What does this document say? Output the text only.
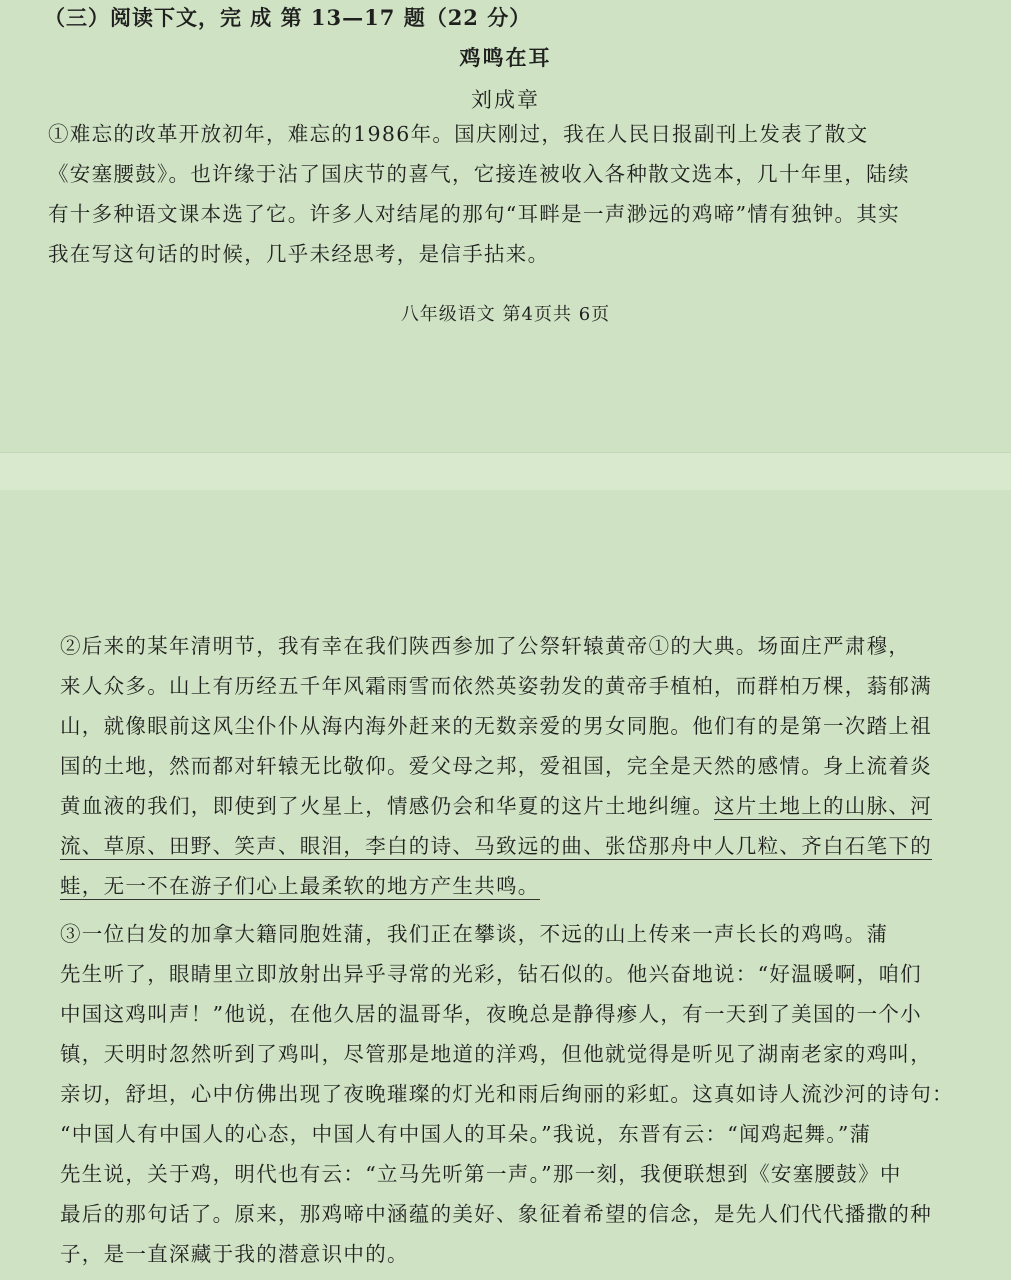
（三）阅读下文，完 成 第 13—17 题（22 分）
鸡鸣在耳
刘成章
①难忘的改革开放初年，难忘的1986年。国庆刚过，我在人民日报副刊上发表了散文
《安塞腰鼓》。也许缘于沾了国庆节的喜气，它接连被收入各种散文选本，几十年里，陆续
有十多种语文课本选了它。许多人对结尾的那句“耳畔是一声渺远的鸡啼”情有独钟。其实
我在写这句话的时候，几乎未经思考，是信手拈来。
八年级语文 第4页共 6页
②后来的某年清明节，我有幸在我们陕西参加了公祭轩辕黄帝①的大典。场面庄严肃穆，
来人众多。山上有历经五千年风霜雨雪而依然英姿勃发的黄帝手植柏，而群柏万棵，蓊郁满
山，就像眼前这风尘仆仆从海内海外赶来的无数亲爱的男女同胞。他们有的是第一次踏上祖
国的土地，然而都对轩辕无比敬仰。爱父母之邦，爱祖国，完全是天然的感情。身上流着炎
黄血液的我们，即使到了火星上，情感仍会和华夏的这片土地纠缠。这片土地上的山脉、河
流、草原、田野、笑声、眼泪，李白的诗、马致远的曲、张岱那舟中人几粒、齐白石笔下的
蛙，无一不在游子们心上最柔软的地方产生共鸣。
③一位白发的加拿大籍同胞姓蒲，我们正在攀谈，不远的山上传来一声长长的鸡鸣。蒲
先生听了，眼睛里立即放射出异乎寻常的光彩，钻石似的。他兴奋地说：“好温暖啊，咱们
中国这鸡叫声！”他说，在他久居的温哥华，夜晚总是静得瘆人，有一天到了美国的一个小
镇，天明时忽然听到了鸡叫，尽管那是地道的洋鸡，但他就觉得是听见了湖南老家的鸡叫，
亲切，舒坦，心中仿佛出现了夜晚璀璨的灯光和雨后绚丽的彩虹。这真如诗人流沙河的诗句：
“中国人有中国人的心态，中国人有中国人的耳朵。”我说，东晋有云：“闻鸡起舞。”蒲
先生说，关于鸡，明代也有云：“立马先听第一声。”那一刻，我便联想到《安塞腰鼓》中
最后的那句话了。原来，那鸡啼中涵蕴的美好、象征着希望的信念，是先人们代代播撒的种
子，是一直深藏于我的潜意识中的。
